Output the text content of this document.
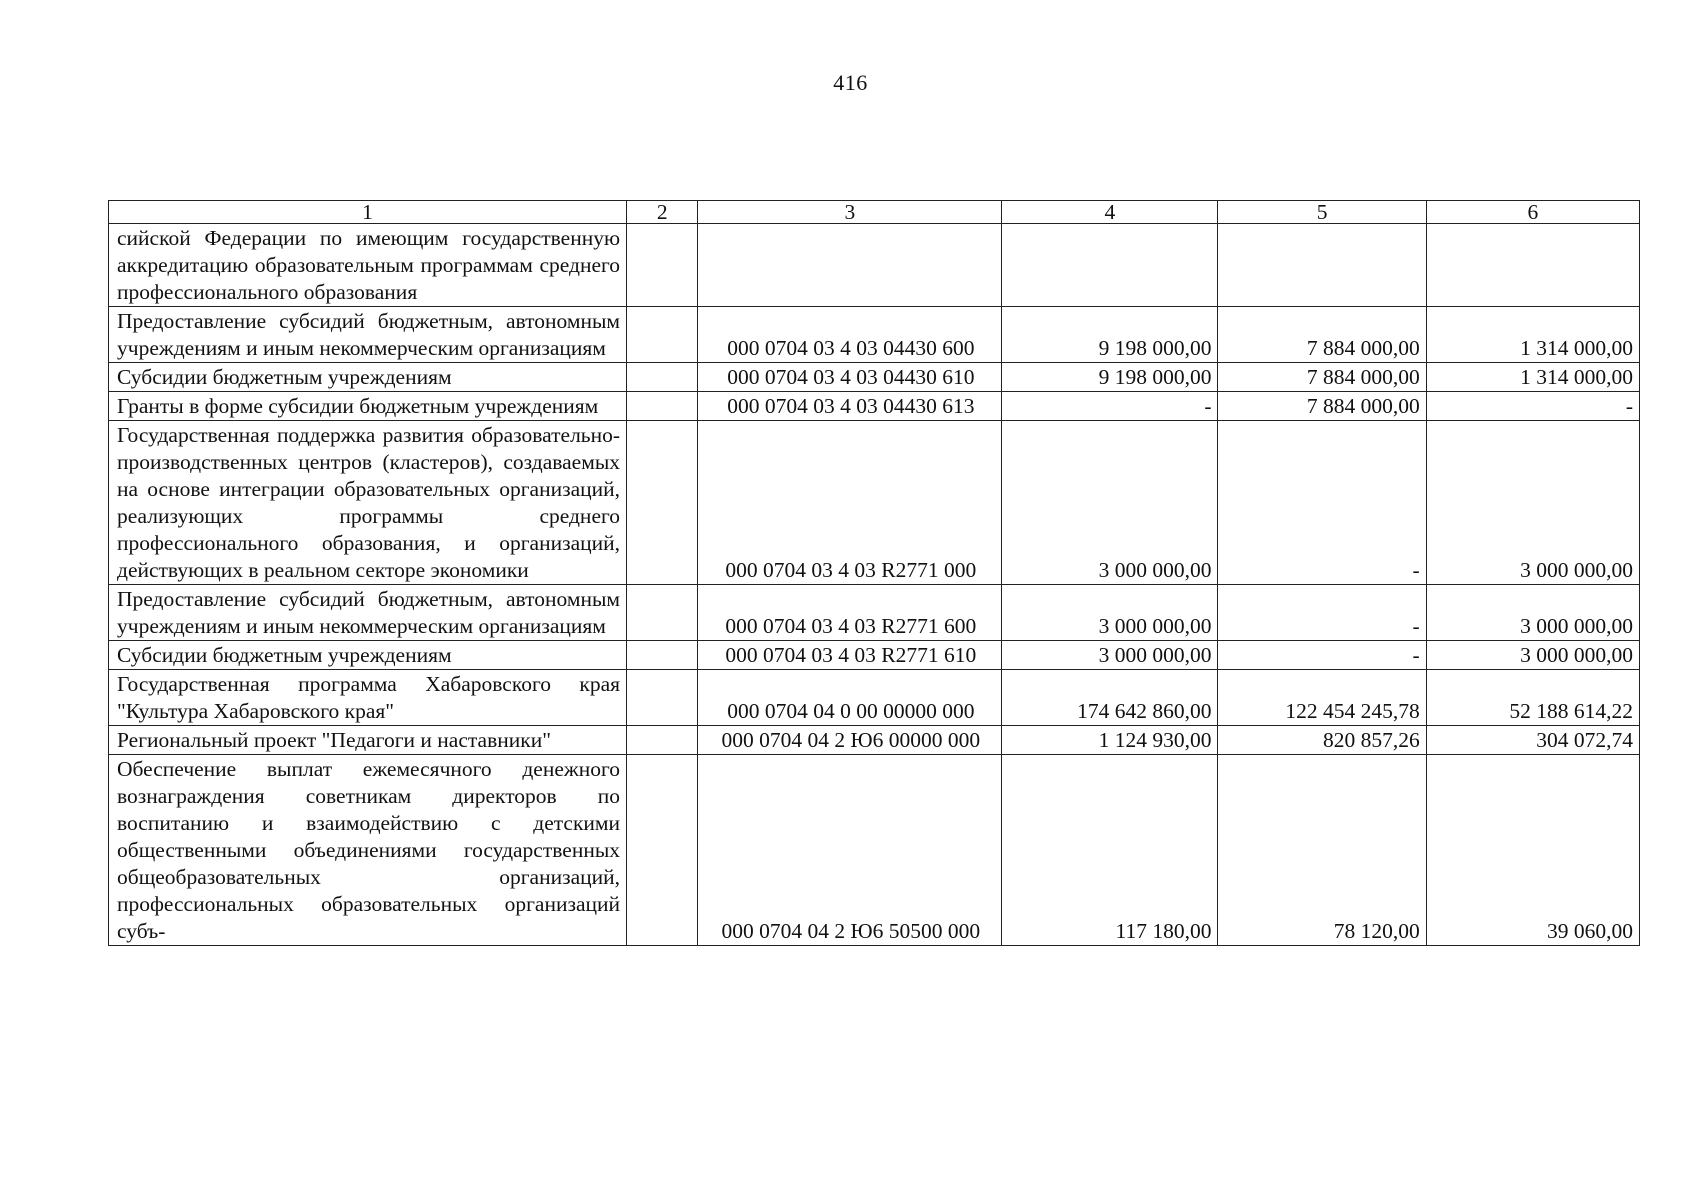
416
1	2	3	4	5	6
сийской Федерации по имеющим государственную аккредитацию образовательным программам среднего профессионального образования					
Предоставление субсидий бюджетным, автономным учреждениям и иным некоммерческим организациям		000 0704 03 4 03 04430 600	9 198 000,00	7 884 000,00	1 314 000,00
Субсидии бюджетным учреждениям		000 0704 03 4 03 04430 610	9 198 000,00	7 884 000,00	1 314 000,00
Гранты в форме субсидии бюджетным учреждениям		000 0704 03 4 03 04430 613	-	7 884 000,00	-
Государственная поддержка развития образовательно-производственных центров (кластеров), создаваемых на основе интеграции образовательных организаций, реализующих программы среднего профессионального образования, и организаций, действующих в реальном секторе экономики		000 0704 03 4 03 R2771 000	3 000 000,00	-	3 000 000,00
Предоставление субсидий бюджетным, автономным учреждениям и иным некоммерческим организациям		000 0704 03 4 03 R2771 600	3 000 000,00	-	3 000 000,00
Субсидии бюджетным учреждениям		000 0704 03 4 03 R2771 610	3 000 000,00	-	3 000 000,00
Государственная программа Хабаровского края "Культура Хабаровского края"		000 0704 04 0 00 00000 000	174 642 860,00	122 454 245,78	52 188 614,22
Региональный проект "Педагоги и наставники"		000 0704 04 2 Ю6 00000 000	1 124 930,00	820 857,26	304 072,74
Обеспечение выплат ежемесячного денежного вознаграждения советникам директоров по воспитанию и взаимодействию с детскими общественными объединениями государственных общеобразовательных организаций, профессиональных образовательных организаций субъ-		000 0704 04 2 Ю6 50500 000	117 180,00	78 120,00	39 060,00
